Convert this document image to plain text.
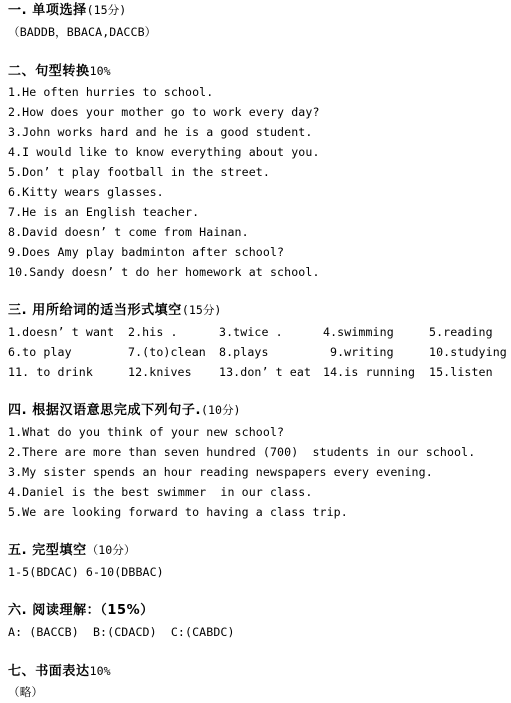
一. 单项选择(15分)
（BADDB，BBACA,DACCB）
二、句型转换10%
1.He often hurries to school.
2.How does your mother go to work every day?
3.John works hard and he is a good student.
4.I would like to know everything about you.
5.Don’ t play football in the street.
6.Kitty wears glasses.
7.He is an English teacher.
8.David doesn’ t come from Hainan.
9.Does Amy play badminton after school?
10.Sandy doesn’ t do her homework at school.
三. 用所给词的适当形式填空(15分)
1.doesn’ t want 2.his .	3.twice .	4.swimming	5.reading
6.to play	7.(to)clean 8.plays	9.writing	10.studying
11. to drink	12.knives 13.don’ t eat 14.is running 15.listen
四. 根据汉语意思完成下列句子.(10分)
1.What do you think of your new school?
2.There are more than seven hundred (700)  students in our school.
3.My sister spends an hour reading newspapers every evening.
4.Daniel is the best swimmer  in our class.
5.We are looking forward to having a class trip.
五. 完型填空（10分）
1-5(BDCAC) 6-10(DBBAC)
六. 阅读理解：（15%）
A: (BACCB)  B:(CDACD)  C:(CABDC)
七、书面表达10%
（略）
